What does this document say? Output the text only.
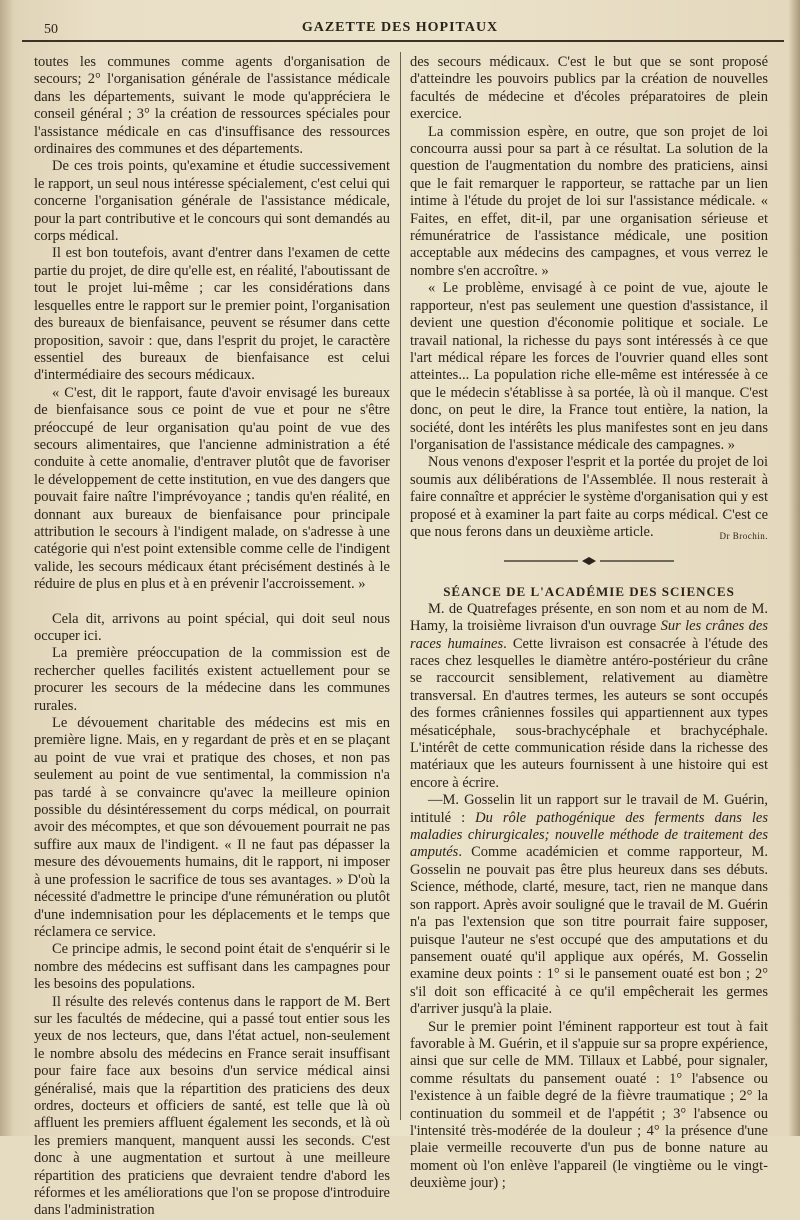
50	GAZETTE DES HOPITAUX

toutes les communes comme agents d'organisation de secours; 2° l'organisation générale de l'assistance médicale dans les départements, suivant le mode qu'appréciera le conseil général ; 3° la création de ressources spéciales pour l'assistance médicale en cas d'insuffisance des ressources ordinaires des communes et des départements.

De ces trois points, qu'examine et étudie successivement le rapport, un seul nous intéresse spécialement, c'est celui qui concerne l'organisation générale de l'assistance médicale, pour la part contributive et le concours qui sont demandés au corps médical.

Il est bon toutefois, avant d'entrer dans l'examen de cette partie du projet, de dire qu'elle est, en réalité, l'aboutissant de tout le projet lui-même ; car les considérations dans lesquelles entre le rapport sur le premier point, l'organisation des bureaux de bienfaisance, peuvent se résumer dans cette proposition, savoir : que, dans l'esprit du projet, le caractère essentiel des bureaux de bienfaisance est celui d'intermédiaire des secours médicaux.

« C'est, dit le rapport, faute d'avoir envisagé les bureaux de bienfaisance sous ce point de vue et pour ne s'être préoccupé de leur organisation qu'au point de vue des secours alimentaires, que l'ancienne administration a été conduite à cette anomalie, d'entraver plutôt que de favoriser le développement de cette institution, en vue des dangers que pouvait faire naître l'imprévoyance ; tandis qu'en réalité, en donnant aux bureaux de bienfaisance pour principale attribution le secours à l'indigent malade, on s'adresse à une catégorie qui n'est point extensible comme celle de l'indigent valide, les secours médicaux étant précisément destinés à le réduire de plus en plus et à en prévenir l'accroissement. »

Cela dit, arrivons au point spécial, qui doit seul nous occuper ici.

La première préoccupation de la commission est de rechercher quelles facilités existent actuellement pour se procurer les secours de la médecine dans les communes rurales.

Le dévouement charitable des médecins est mis en première ligne. Mais, en y regardant de près et en se plaçant au point de vue vrai et pratique des choses, et non pas seulement au point de vue sentimental, la commission n'a pas tardé à se convaincre qu'avec la meilleure opinion possible du désintéressement du corps médical, on pourrait avoir des mécomptes, et que son dévouement pourrait ne pas suffire aux maux de l'indigent. « Il ne faut pas dépasser la mesure des dévouements humains, dit le rapport, ni imposer à une profession le sacrifice de tous ses avantages. » D'où la nécessité d'admettre le principe d'une rémunération ou plutôt d'une indemnisation pour les déplacements et le temps que réclamera ce service.

Ce principe admis, le second point était de s'enquérir si le nombre des médecins est suffisant dans les campagnes pour les besoins des populations.

Il résulte des relevés contenus dans le rapport de M. Bert sur les facultés de médecine, qui a passé tout entier sous les yeux de nos lecteurs, que, dans l'état actuel, non-seulement le nombre absolu des médecins en France serait insuffisant pour faire face aux besoins d'un service médical ainsi généralisé, mais que la répartition des praticiens des deux ordres, docteurs et officiers de santé, est telle que là où affluent les premiers affluent également les seconds, et là où les premiers manquent, manquent aussi les seconds. C'est donc à une augmentation et surtout à une meilleure répartition des praticiens que devraient tendre d'abord les réformes et les améliorations que l'on se propose d'introduire dans l'administration

des secours médicaux. C'est le but que se sont proposé d'atteindre les pouvoirs publics par la création de nouvelles facultés de médecine et d'écoles préparatoires de plein exercice.

La commission espère, en outre, que son projet de loi concourra aussi pour sa part à ce résultat. La solution de la question de l'augmentation du nombre des praticiens, ainsi que le fait remarquer le rapporteur, se rattache par un lien intime à l'étude du projet de loi sur l'assistance médicale. « Faites, en effet, dit-il, par une organisation sérieuse et rémunératrice de l'assistance médicale, une position acceptable aux médecins des campagnes, et vous verrez le nombre s'en accroître. »

« Le problème, envisagé à ce point de vue, ajoute le rapporteur, n'est pas seulement une question d'assistance, il devient une question d'économie politique et sociale. Le travail national, la richesse du pays sont intéressés à ce que l'art médical répare les forces de l'ouvrier quand elles sont atteintes... La population riche elle-même est intéressée à ce que le médecin s'établisse à sa portée, là où il manque. C'est donc, on peut le dire, la France tout entière, la nation, la société, dont les intérêts les plus manifestes sont en jeu dans l'organisation de l'assistance médicale des campagnes. »

Nous venons d'exposer l'esprit et la portée du projet de loi soumis aux délibérations de l'Assemblée. Il nous resterait à faire connaître et apprécier le système d'organisation qui y est proposé et à examiner la part faite au corps médical. C'est ce que nous ferons dans un deuxième article.	Dr Brochin.

SÉANCE DE L'ACADÉMIE DES SCIENCES

M. de Quatrefages présente, en son nom et au nom de M. Hamy, la troisième livraison d'un ouvrage Sur les crânes des races humaines. Cette livraison est consacrée à l'étude des races chez lesquelles le diamètre antéro-postérieur du crâne se raccourcit sensiblement, relativement au diamètre transversal. En d'autres termes, les auteurs se sont occupés des formes crâniennes fossiles qui appartiennent aux types mésaticéphale, sous-brachycéphale et brachycéphale. L'intérêt de cette communication réside dans la richesse des matériaux que les auteurs fournissent à une histoire qui est encore à écrire.

—M. Gosselin lit un rapport sur le travail de M. Guérin, intitulé : Du rôle pathogénique des ferments dans les maladies chirurgicales; nouvelle méthode de traitement des amputés. Comme académicien et comme rapporteur, M. Gosselin ne pouvait pas être plus heureux dans ses débuts. Science, méthode, clarté, mesure, tact, rien ne manque dans son rapport. Après avoir souligné que le travail de M. Guérin n'a pas l'extension que son titre pourrait faire supposer, puisque l'auteur ne s'est occupé que des amputations et du pansement ouaté qu'il applique aux opérés, M. Gosselin examine deux points : 1° si le pansement ouaté est bon ; 2° s'il doit son efficacité à ce qu'il empêcherait les germes d'arriver jusqu'à la plaie.

Sur le premier point l'éminent rapporteur est tout à fait favorable à M. Guérin, et il s'appuie sur sa propre expérience, ainsi que sur celle de MM. Tillaux et Labbé, pour signaler, comme résultats du pansement ouaté : 1° l'absence ou l'existence à un faible degré de la fièvre traumatique ; 2° la continuation du sommeil et de l'appétit ; 3° l'absence ou l'intensité très-modérée de la douleur ; 4° la présence d'une plaie vermeille recouverte d'un pus de bonne nature au moment où l'on enlève l'appareil (le vingtième ou le vingt-deuxième jour) ;
